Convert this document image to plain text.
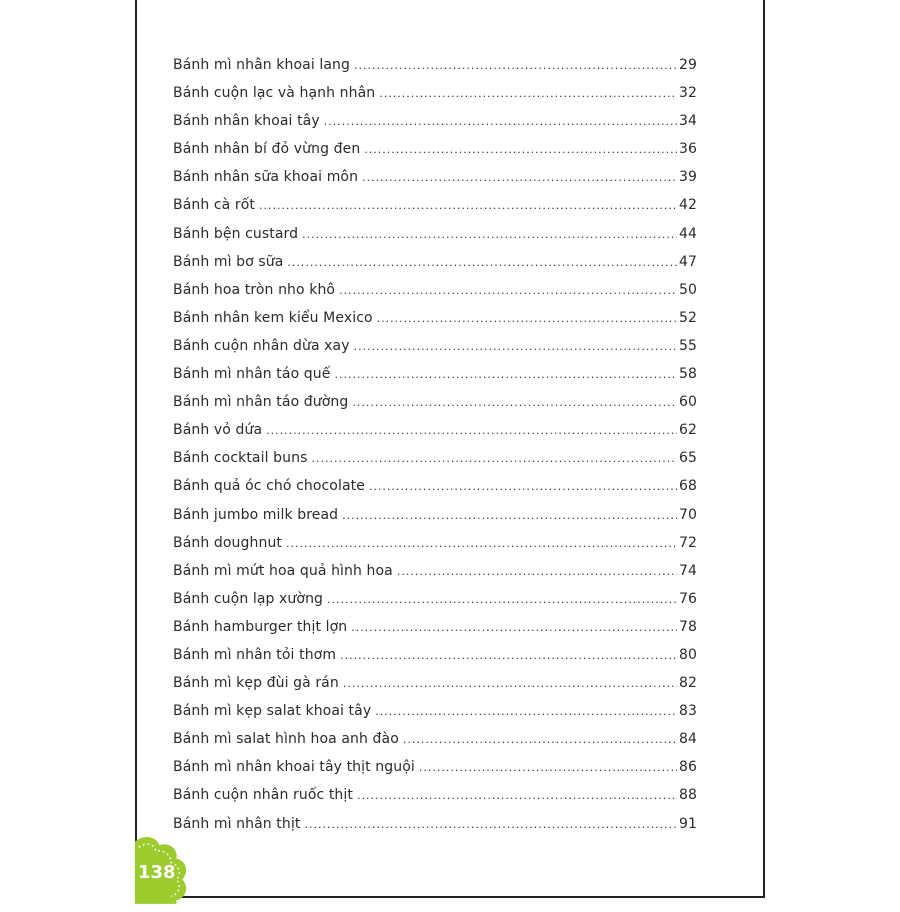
Bánh mì nhân khoai lang .....	29
Bánh cuộn lạc và hạnh nhân .....	32
Bánh nhân khoai tây .....	34
Bánh nhân bí đỏ vừng đen .....	36
Bánh nhân sữa khoai môn .....	39
Bánh cà rốt .....	42
Bánh bện custard .....	44
Bánh mì bơ sữa .....	47
Bánh hoa tròn nho khô .....	50
Bánh nhân kem kiểu Mexico .....	52
Bánh cuộn nhân dừa xay .....	55
Bánh mì nhân táo quế .....	58
Bánh mì nhân táo đường .....	60
Bánh vỏ dứa .....	62
Bánh cocktail buns .....	65
Bánh quả óc chó chocolate .....	68
Bánh jumbo milk bread .....	70
Bánh doughnut .....	72
Bánh mì mứt hoa quả hình hoa .....	74
Bánh cuộn lạp xường .....	76
Bánh hamburger thịt lợn .....	78
Bánh mì nhân tỏi thơm .....	80
Bánh mì kẹp đùi gà rán .....	82
Bánh mì kẹp salat khoai tây .....	83
Bánh mì salat hình hoa anh đào .....	84
Bánh mì nhân khoai tây thịt nguội .....	86
Bánh cuộn nhân ruốc thịt .....	88
Bánh mì nhân thịt .....	91
138
